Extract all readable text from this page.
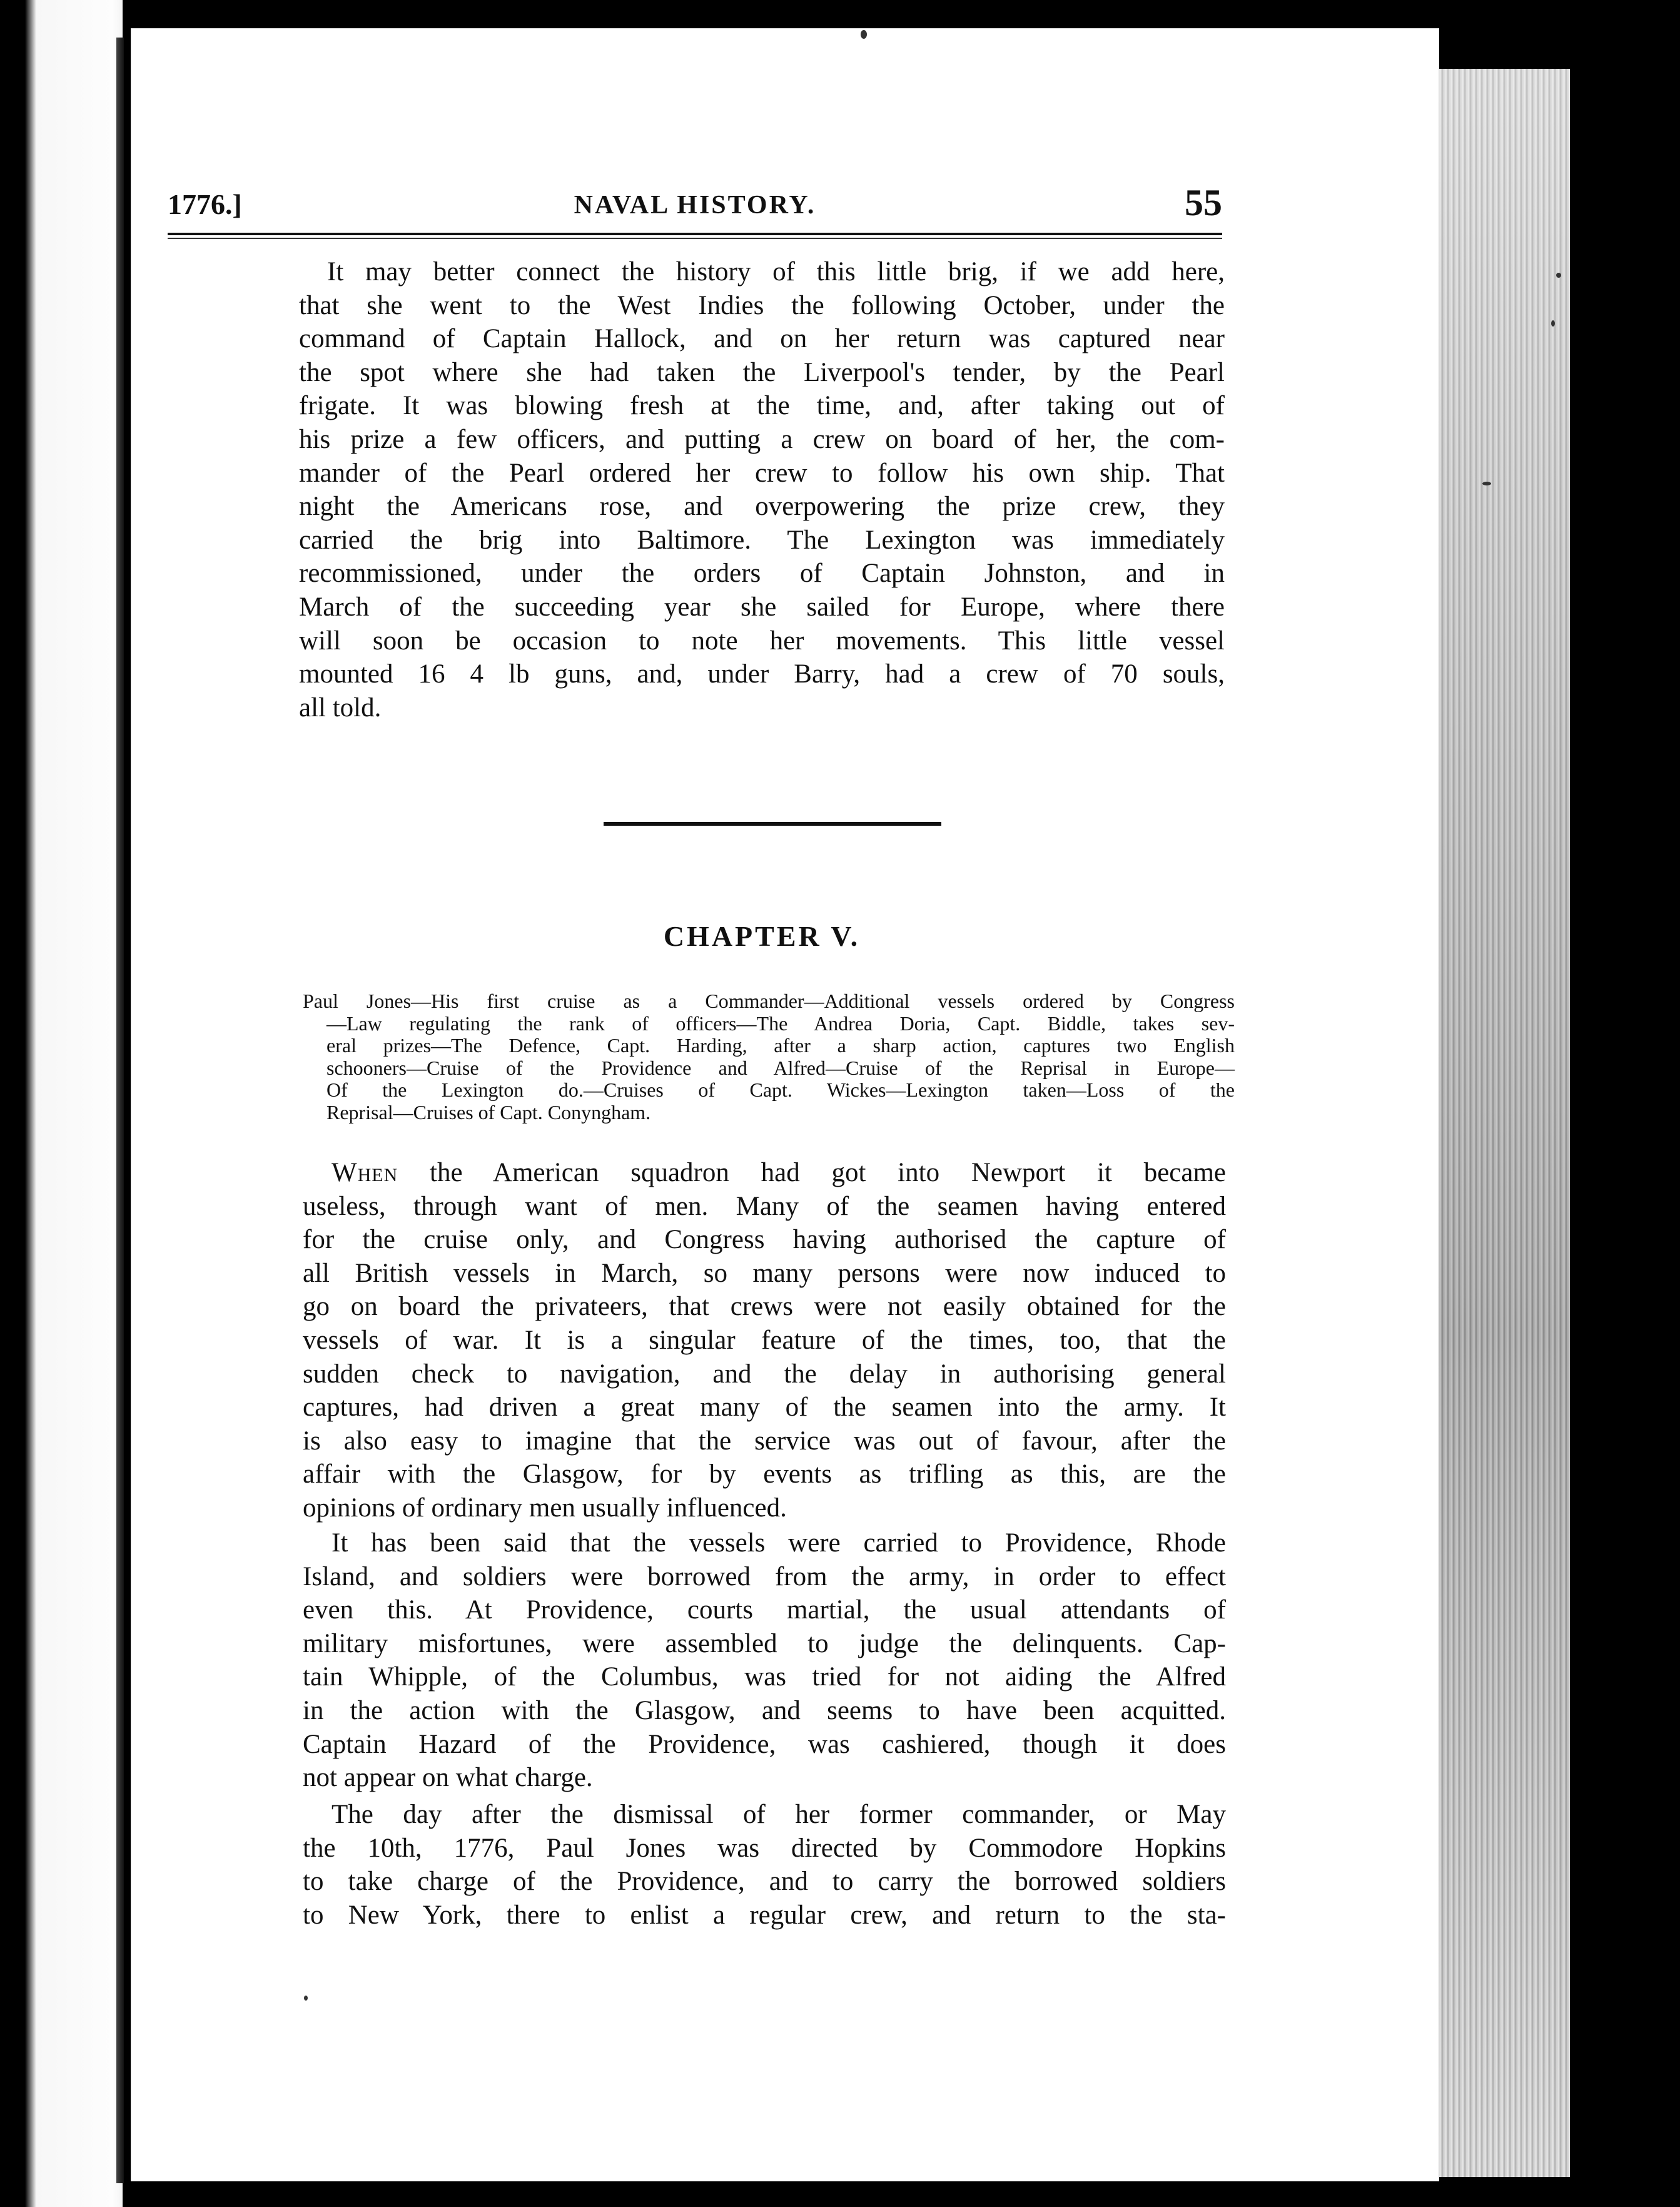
1776.]	NAVAL HISTORY.	55
It may better connect the history of this little brig, if we add here,
that she went to the West Indies the following October, under the
command of Captain Hallock, and on her return was captured near
the spot where she had taken the Liverpool's tender, by the Pearl
frigate. It was blowing fresh at the time, and, after taking out of
his prize a few officers, and putting a crew on board of her, the com-
mander of the Pearl ordered her crew to follow his own ship. That
night the Americans rose, and overpowering the prize crew, they
carried the brig into Baltimore. The Lexington was immediately
recommissioned, under the orders of Captain Johnston, and in
March of the succeeding year she sailed for Europe, where there
will soon be occasion to note her movements. This little vessel
mounted 16 4 lb guns, and, under Barry, had a crew of 70 souls,
all told.
CHAPTER V.
Paul Jones—His first cruise as a Commander—Additional vessels ordered by Congress
—Law regulating the rank of officers—The Andrea Doria, Capt. Biddle, takes sev-
eral prizes—The Defence, Capt. Harding, after a sharp action, captures two English
schooners—Cruise of the Providence and Alfred—Cruise of the Reprisal in Europe—
Of the Lexington do.—Cruises of Capt. Wickes—Lexington taken—Loss of the
Reprisal—Cruises of Capt. Conyngham.
When the American squadron had got into Newport it became
useless, through want of men. Many of the seamen having entered
for the cruise only, and Congress having authorised the capture of
all British vessels in March, so many persons were now induced to
go on board the privateers, that crews were not easily obtained for the
vessels of war. It is a singular feature of the times, too, that the
sudden check to navigation, and the delay in authorising general
captures, had driven a great many of the seamen into the army. It
is also easy to imagine that the service was out of favour, after the
affair with the Glasgow, for by events as trifling as this, are the
opinions of ordinary men usually influenced.
It has been said that the vessels were carried to Providence, Rhode
Island, and soldiers were borrowed from the army, in order to effect
even this. At Providence, courts martial, the usual attendants of
military misfortunes, were assembled to judge the delinquents. Cap-
tain Whipple, of the Columbus, was tried for not aiding the Alfred
in the action with the Glasgow, and seems to have been acquitted.
Captain Hazard of the Providence, was cashiered, though it does
not appear on what charge.
The day after the dismissal of her former commander, or May
the 10th, 1776, Paul Jones was directed by Commodore Hopkins
to take charge of the Providence, and to carry the borrowed soldiers
to New York, there to enlist a regular crew, and return to the sta-
